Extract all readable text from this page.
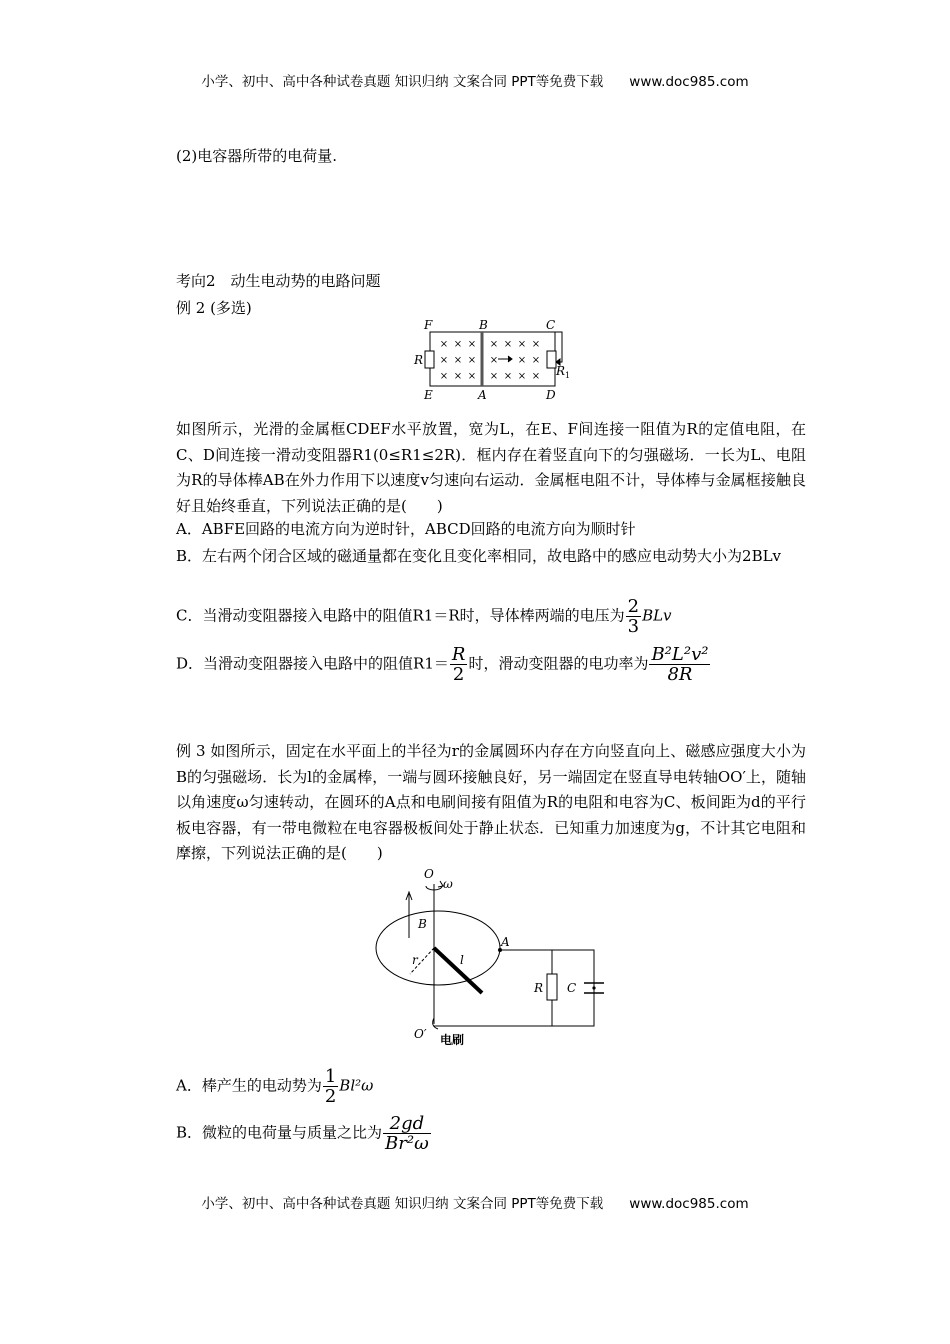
小学、初中、高中各种试卷真题 知识归纳 文案合同 PPT等免费下载 www.doc985.com
(2)电容器所带的电荷量.
考向2　动生电动势的电路问题
例 2 (多选)
× × ×
× × ×
× × ×
× × × ×
× × ×
× × × ×
F	B	C
E	A	D
R
$R_1$
如图所示，光滑的金属框CDEF水平放置，宽为L，在E、F间连接一阻值为R的定值电阻，在C、D间连接一滑动变阻器R1(0≤R1≤2R)．框内存在着竖直向下的匀强磁场．一长为L、电阻为R的导体棒AB在外力作用下以速度v匀速向右运动．金属框电阻不计，导体棒与金属框接触良好且始终垂直，下列说法正确的是(　　)
A．ABFE回路的电流方向为逆时针，ABCD回路的电流方向为顺时针
B．左右两个闭合区域的磁通量都在变化且变化率相同，故电路中的感应电动势大小为2BLv
C．当滑动变阻器接入电路中的阻值R1＝R时，导体棒两端的电压为 $\frac{2}{3}$ BLv
D．当滑动变阻器接入电路中的阻值$R1= \frac{R}{2}$ 时，滑动变阻器的电功率为 $\frac{\text{B²L²v²}}{8R}$
例 3 如图所示，固定在水平面上的半径为r的金属圆环内存在方向竖直向上、磁感应强度大小为B的匀强磁场．长为l的金属棒，一端与圆环接触良好，另一端固定在竖直导电转轴OO′上，随轴以角速度ω匀速转动，在圆环的A点和电刷间接有阻值为R的电阻和电容为C、板间距为d的平行板电容器，有一带电微粒在电容器极板间处于静止状态．已知重力加速度为g，不计其它电阻和摩擦，下列说法正确的是(　　)
O
ω
B
A
r	l
R C
O′ 电刷
A．棒产生的电动势为 $\frac{1}{2} Bl^2\omega$
B．微粒的电荷量与质量之比为 $\frac{2gd}{\text{Br²ω}}$
小学、初中、高中各种试卷真题 知识归纳 文案合同 PPT等免费下载 www.doc985.com
